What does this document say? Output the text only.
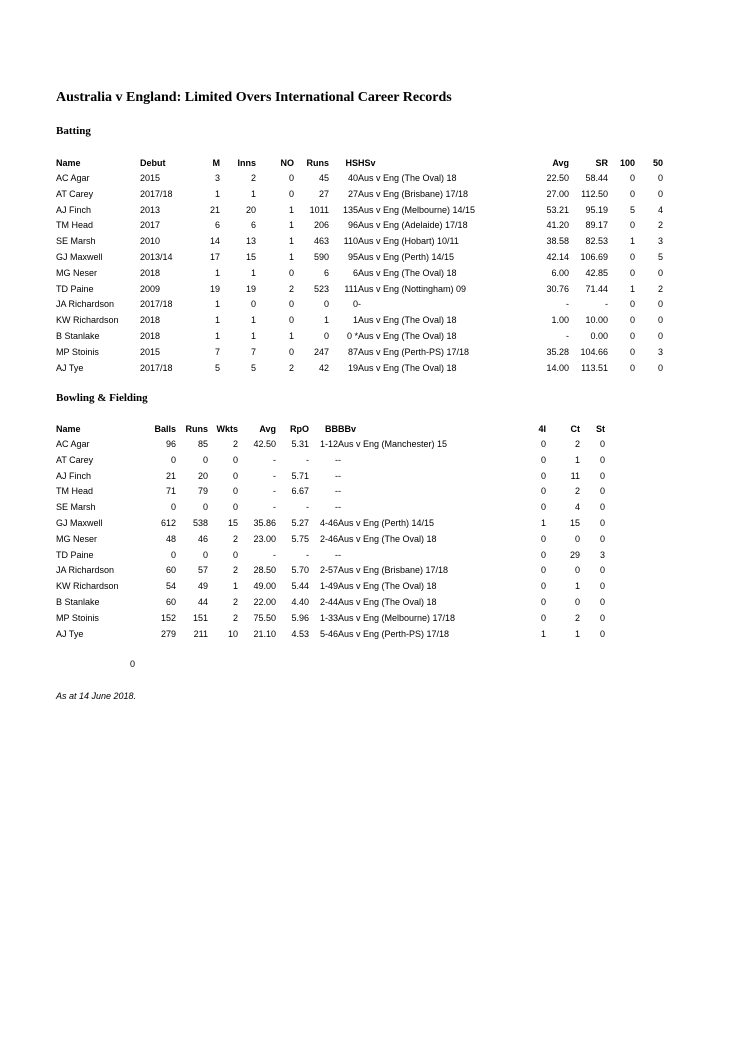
Australia v England: Limited Overs International Career Records
Batting
Name	Debut	M	Inns	NO	Runs	HS	HSv	Avg	SR	100	50
AC Agar	2015	3	2	0	45	40	Aus v Eng (The Oval) 18	22.50	58.44	0	0
AT Carey	2017/18	1	1	0	27	27	Aus v Eng (Brisbane) 17/18	27.00	112.50	0	0
AJ Finch	2013	21	20	1	1011	135	Aus v Eng (Melbourne) 14/15	53.21	95.19	5	4
TM Head	2017	6	6	1	206	96	Aus v Eng (Adelaide) 17/18	41.20	89.17	0	2
SE Marsh	2010	14	13	1	463	110	Aus v Eng (Hobart) 10/11	38.58	82.53	1	3
GJ Maxwell	2013/14	17	15	1	590	95	Aus v Eng (Perth) 14/15	42.14	106.69	0	5
MG Neser	2018	1	1	0	6	6	Aus v Eng (The Oval) 18	6.00	42.85	0	0
TD Paine	2009	19	19	2	523	111	Aus v Eng (Nottingham) 09	30.76	71.44	1	2
JA Richardson	2017/18	1	0	0	0	0	-	-	-	0	0
KW Richardson	2018	1	1	0	1	1	Aus v Eng (The Oval) 18	1.00	10.00	0	0
B Stanlake	2018	1	1	1	0	0 *	Aus v Eng (The Oval) 18	-	0.00	0	0
MP Stoinis	2015	7	7	0	247	87	Aus v Eng (Perth-PS) 17/18	35.28	104.66	0	3
AJ Tye	2017/18	5	5	2	42	19	Aus v Eng (The Oval) 18	14.00	113.51	0	0
Bowling & Fielding
Name	Balls	Runs	Wkts	Avg	RpO	BB	BBv	4I	Ct	St
AC Agar	96	85	2	42.50	5.31	1-12	Aus v Eng (Manchester) 15	0	2	0
AT Carey	0	0	0	-	-	-	-	0	1	0
AJ Finch	21	20	0	-	5.71	-	-	0	11	0
TM Head	71	79	0	-	6.67	-	-	0	2	0
SE Marsh	0	0	0	-	-	-	-	0	4	0
GJ Maxwell	612	538	15	35.86	5.27	4-46	Aus v Eng (Perth) 14/15	1	15	0
MG Neser	48	46	2	23.00	5.75	2-46	Aus v Eng (The Oval) 18	0	0	0
TD Paine	0	0	0	-	-	-	-	0	29	3
JA Richardson	60	57	2	28.50	5.70	2-57	Aus v Eng (Brisbane) 17/18	0	0	0
KW Richardson	54	49	1	49.00	5.44	1-49	Aus v Eng (The Oval) 18	0	1	0
B Stanlake	60	44	2	22.00	4.40	2-44	Aus v Eng (The Oval) 18	0	0	0
MP Stoinis	152	151	2	75.50	5.96	1-33	Aus v Eng (Melbourne) 17/18	0	2	0
AJ Tye	279	211	10	21.10	4.53	5-46	Aus v Eng (Perth-PS) 17/18	1	1	0
0
As at 14 June 2018.
